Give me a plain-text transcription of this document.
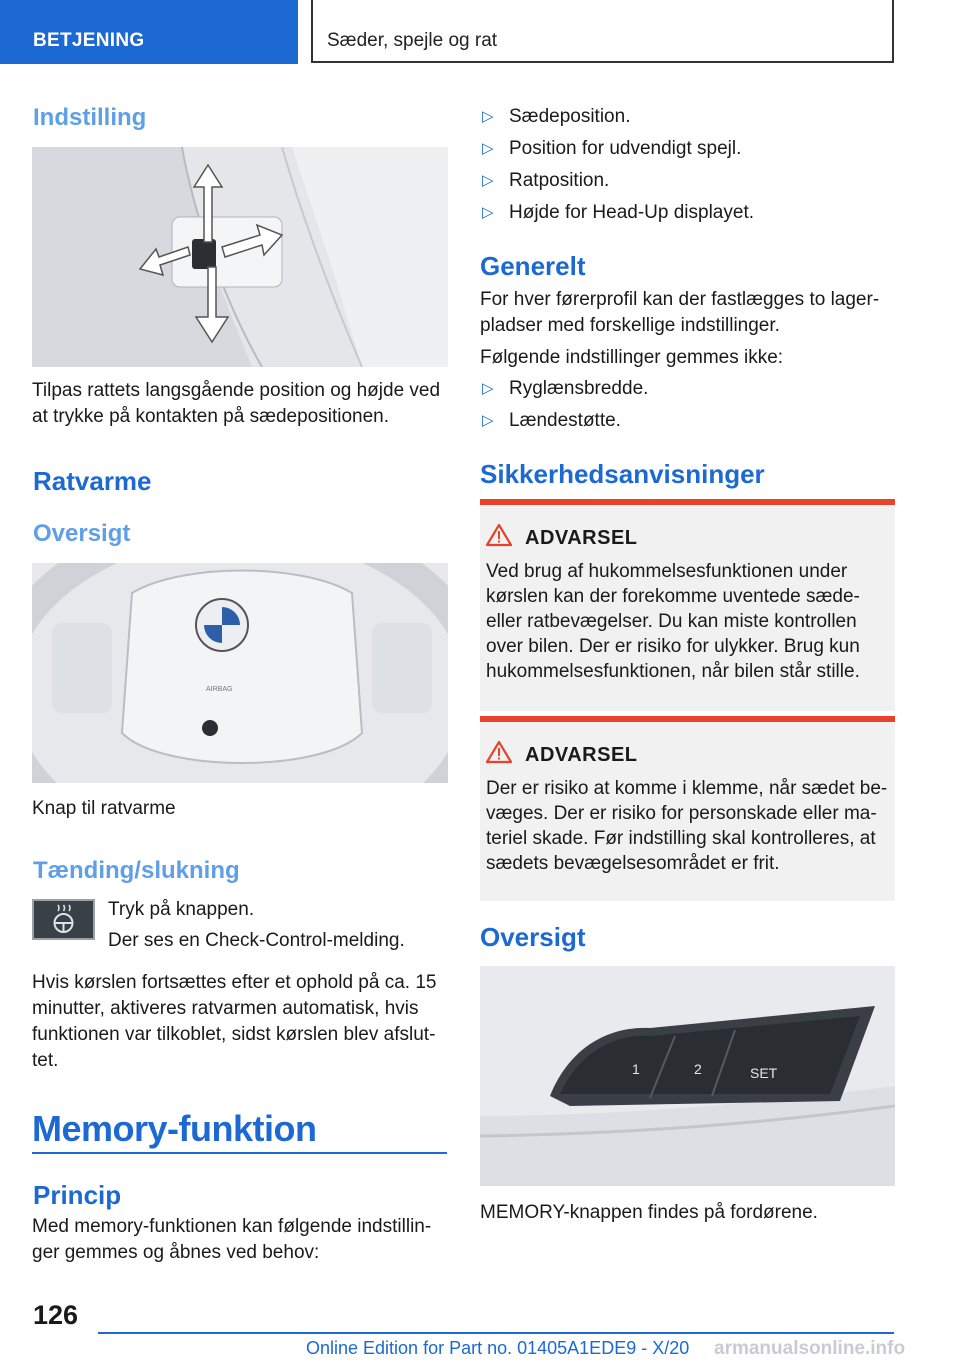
BETJENING	Sæder, spejle og rat
Indstilling
Tilpas rattets langsgående position og højde ved at trykke på kontakten på sædepositionen.
Ratvarme
Oversigt
AIRBAG
Knap til ratvarme
Tænding/slukning
Tryk på knappen.
Der ses en Check-Control-melding.
Hvis kørslen fortsættes efter et ophold på ca. 15 minutter, aktiveres ratvarmen automatisk, hvis funktionen var tilkoblet, sidst kørslen blev afslut‐ tet.
Memory-funktion
Princip
Med memory-funktionen kan følgende indstillin‐ ger gemmes og åbnes ved behov:
▷ Sædeposition.
▷ Position for udvendigt spejl.
▷ Ratposition.
▷ Højde for Head-Up displayet.
Generelt
For hver førerprofil kan der fastlægges to lager‐ pladser med forskellige indstillinger.
Følgende indstillinger gemmes ikke:
▷ Ryglænsbredde.
▷ Lændestøtte.
Sikkerhedsanvisninger
ADVARSEL
Ved brug af hukommelsesfunktionen under kørslen kan der forekomme uventede sæde- eller ratbevægelser. Du kan miste kontrollen over bilen. Der er risiko for ulykker. Brug kun hukommelsesfunktionen, når bilen står stille.
ADVARSEL
Der er risiko at komme i klemme, når sædet be‐ væges. Der er risiko for personskade eller ma‐ teriel skade. Før indstilling skal kontrolleres, at sædets bevægelsesområdet er frit.
Oversigt
1	2	SET
MEMORY-knappen findes på fordørene.
126
Online Edition for Part no. 01405A1EDE9 - X/20 armanualsonline.info
